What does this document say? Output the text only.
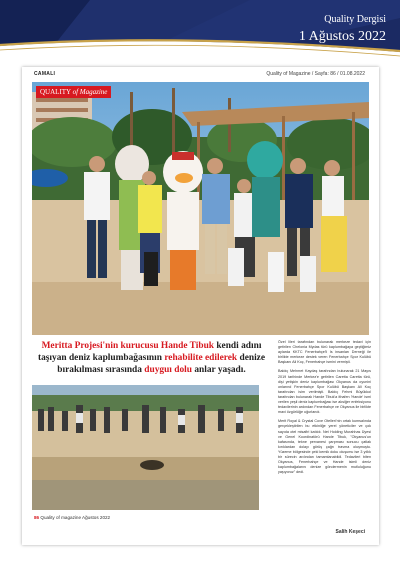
Quality Dergisi
1 Ağustos 2022
CAMALI	Quality of Magazine / Sayfa: 86 / 01.08.2022
QUALITY of Magazine
Meritta Projesi'nin kurucusu Hande Tibuk kendi adını taşıyan deniz kaplumbağasının rehabilite edilerek denize bırakılması sırasında duyguı dolu anlar yaşadı.
86 Quality of magazine Ağustos 2022

Özel lileri tarafından bulunarak merkeze tedavi için getirilen Chelonia Mydas türü kaplumbağaya geçtiğimiz aylarda KKTC Fenerbahçe'li Is insanları Derneği ile birlikte merkeze destek veren Fenerbahçe Spor Kulübü Başkanı Ali Koç, Fenerbahçe ismini vermişti.

Baldıç Mehmet Kaydaş tarafından bulunarak 21 Mayıs 2019 tarihinde Merkez'e getirilen Caretta Caretta türü, dişi yetişkin deniz kaplumbağası Okyanus da oyunini onlarınd Fenerbahçe Spor Kulübü Başkanı Ali Koç tarafından isim verilmişti. Baldıç Fehmi Büyükkol tarafından bulunarak Hande Tibuk'a ithafen 'Hande' ismi verilen yeşil deniz kaplumbağası ise aksiğer enfeksiyonu tedavilerinin ardından Fenerbahçe ve Okyanus ile birlikte mavi özgürlüğe uğurlandı.

Merit Royal & Crystal Cove Otelleri'nin ortak kumsalında gerçekleştirilen bu etkinliğe yerel yöneticiler ve çok sayıda otel misafiri katıldı. Net Holding Murahhas Üyesi ve Genel Koordinatörü Hande Tibuk, "Okyanus'un kafasında, tekne pervanesi çarpması sonucu çatlak kırıklardan dolayı görüş çağrı travma oluşmuştu. Yüzeme bölgesinde çeki kemik doku oluşumu ise 3 yıllık bir sürecin ardından tamamlanabildi. Tedavileri biten Okyanus, Fenerbahçe ve Hande isimli deniz kaplumbağalarını denize göndermenin mutluluğunu yaşıyoruz" dedi.

Salih Keşeci
